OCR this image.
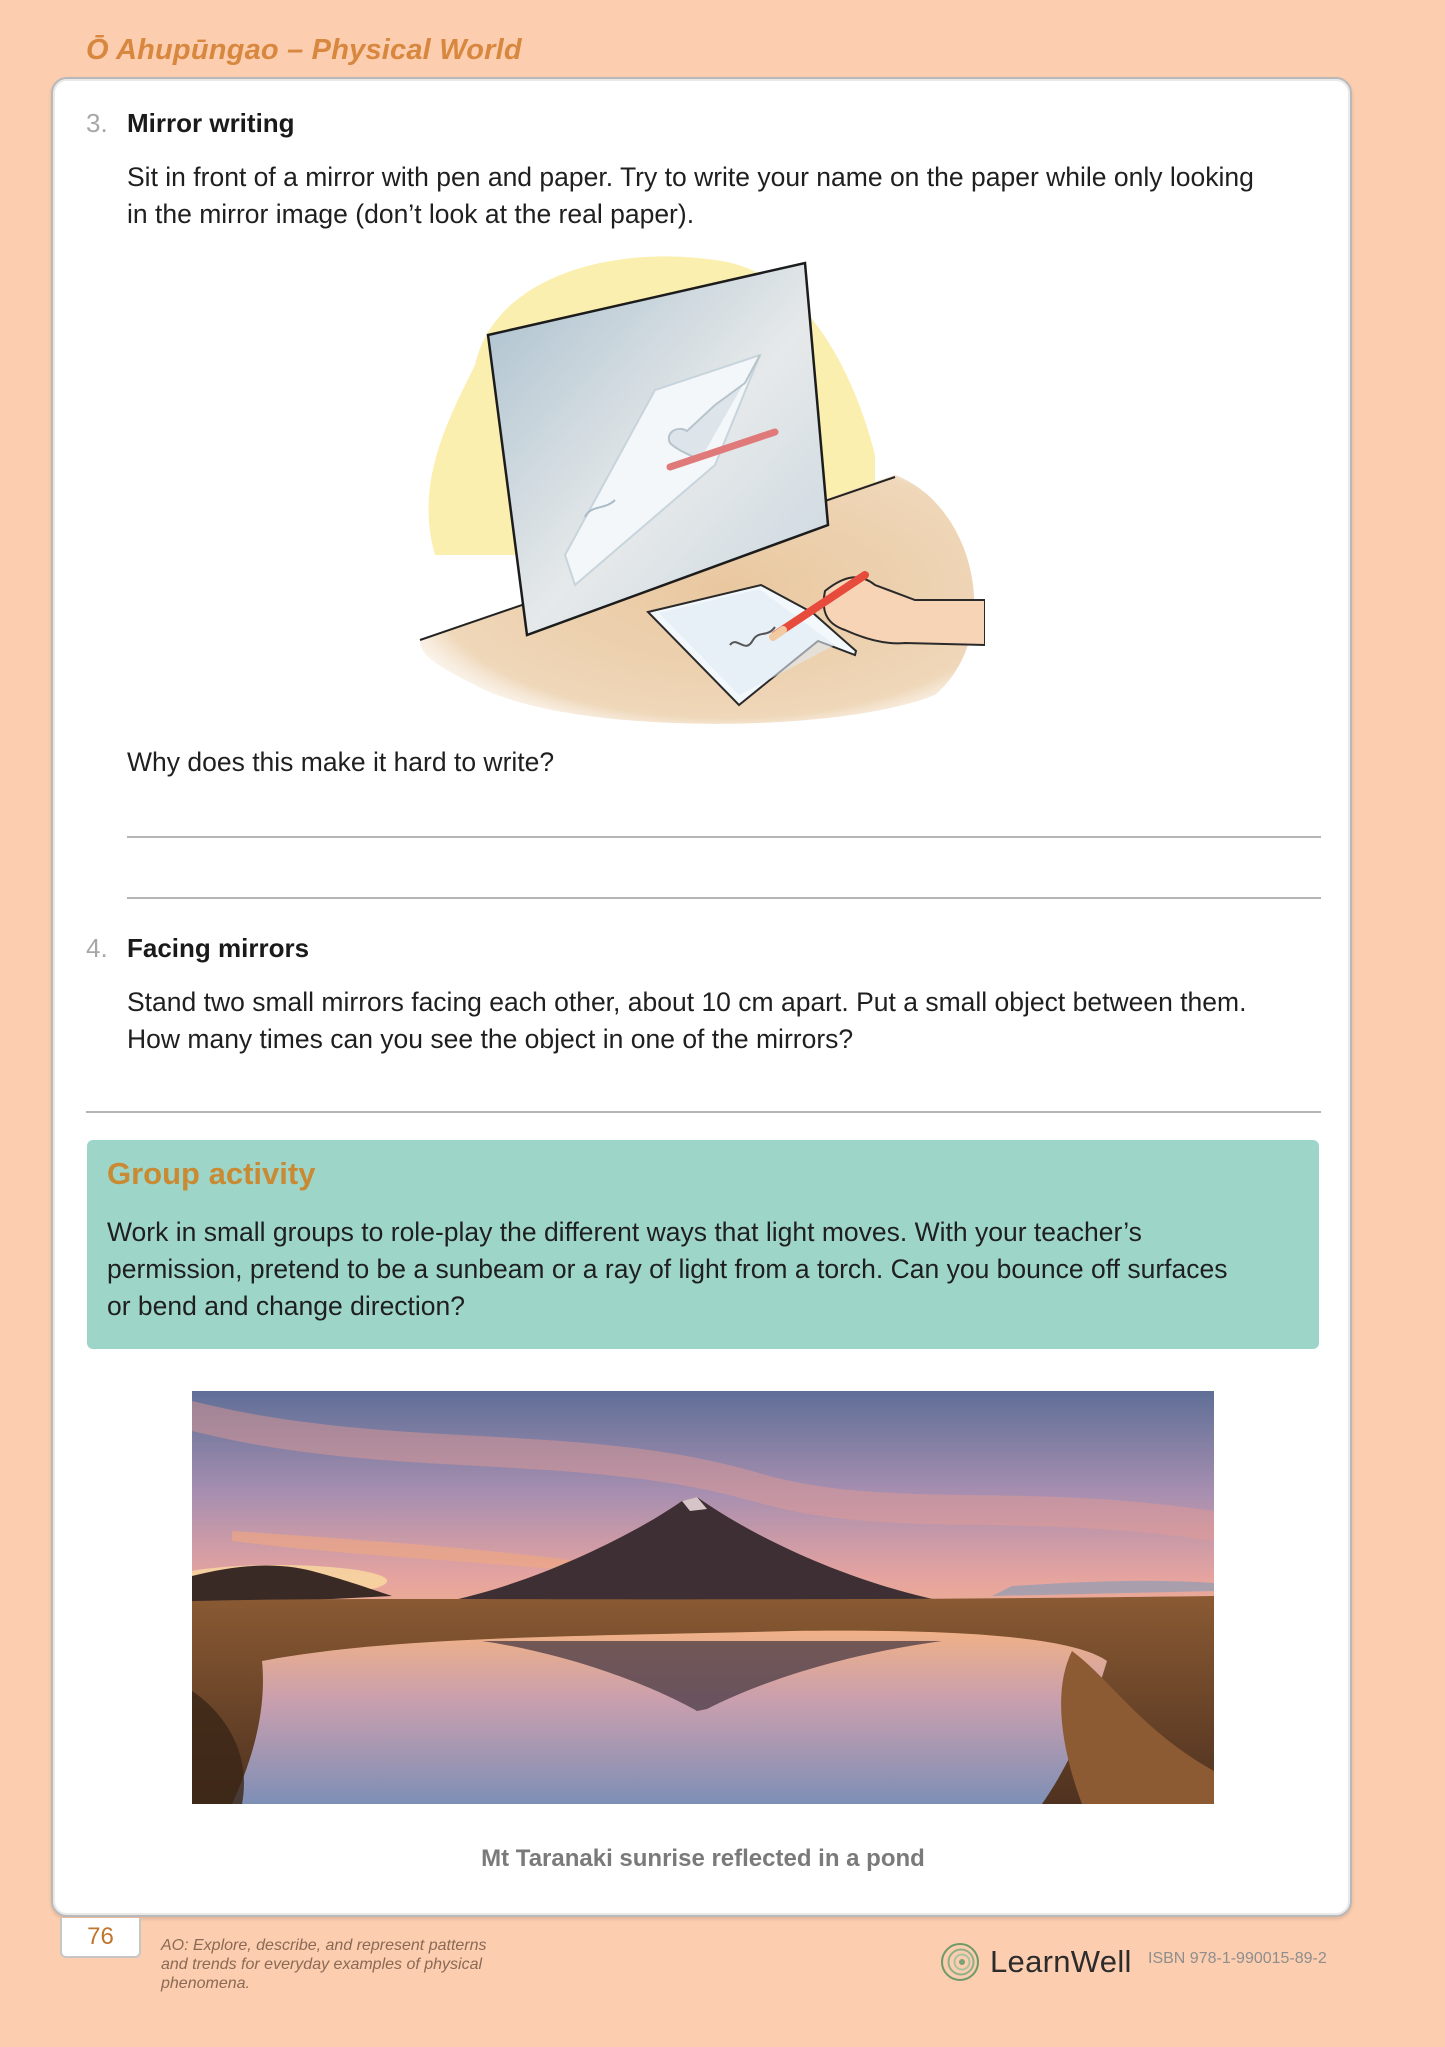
Ō Ahupūngao – Physical World
3. Mirror writing
Sit in front of a mirror with pen and paper. Try to write your name on the paper while only looking
in the mirror image (don’t look at the real paper).
Why does this make it hard to write?
4. Facing mirrors
Stand two small mirrors facing each other, about 10 cm apart. Put a small object between them.
How many times can you see the object in one of the mirrors?
Group activity
Work in small groups to role-play the different ways that light moves. With your teacher’s
permission, pretend to be a sunbeam or a ray of light from a torch. Can you bounce off surfaces
or bend and change direction?
Mt Taranaki sunrise reflected in a pond
76	AO: Explore, describe, and represent patterns
and trends for everyday examples of physical
phenomena.
LearnWell ISBN 978-1-990015-89-2
